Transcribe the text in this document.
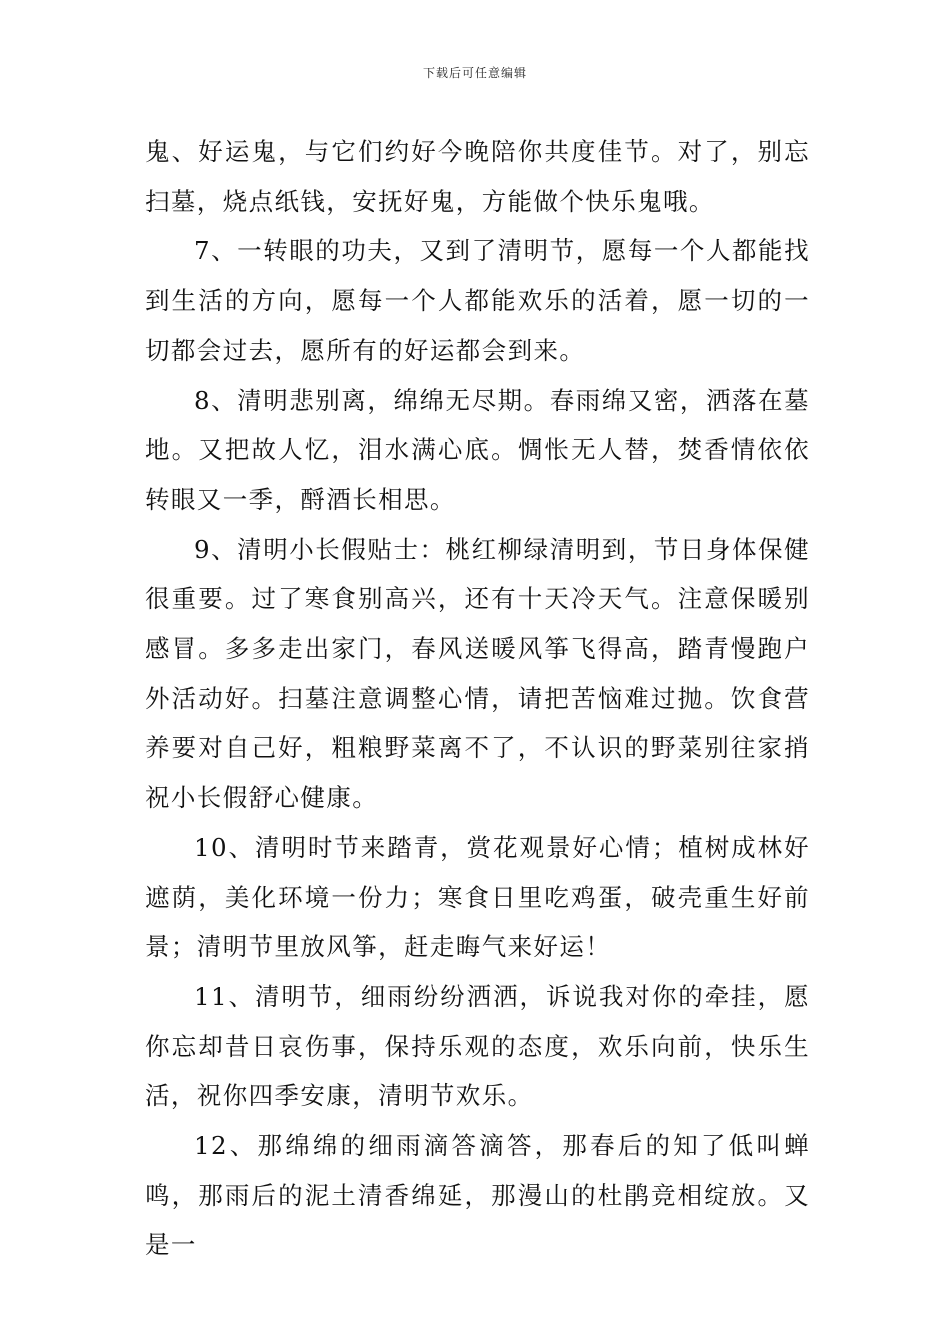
下载后可任意编辑

鬼、好运鬼，与它们约好今晚陪你共度佳节。对了，别忘扫墓，烧点纸钱，安抚好鬼，方能做个快乐鬼哦。

7、一转眼的功夫，又到了清明节，愿每一个人都能找到生活的方向，愿每一个人都能欢乐的活着，愿一切的一切都会过去，愿所有的好运都会到来。

8、清明悲别离，绵绵无尽期。春雨绵又密，洒落在墓地。又把故人忆，泪水满心底。惆怅无人替，焚香情依依转眼又一季，酹酒长相思。

9、清明小长假贴士：桃红柳绿清明到，节日身体保健很重要。过了寒食别高兴，还有十天冷天气。注意保暖别感冒。多多走出家门，春风送暖风筝飞得高，踏青慢跑户外活动好。扫墓注意调整心情，请把苦恼难过抛。饮食营养要对自己好，粗粮野菜离不了，不认识的野菜别往家捎祝小长假舒心健康。

10、清明时节来踏青，赏花观景好心情；植树成林好遮荫，美化环境一份力；寒食日里吃鸡蛋，破壳重生好前景；清明节里放风筝，赶走晦气来好运！

11、清明节，细雨纷纷洒洒，诉说我对你的牵挂，愿你忘却昔日哀伤事，保持乐观的态度，欢乐向前，快乐生活，祝你四季安康，清明节欢乐。

12、那绵绵的细雨滴答滴答，那春后的知了低叫蝉鸣，那雨后的泥土清香绵延，那漫山的杜鹃竞相绽放。又是一
